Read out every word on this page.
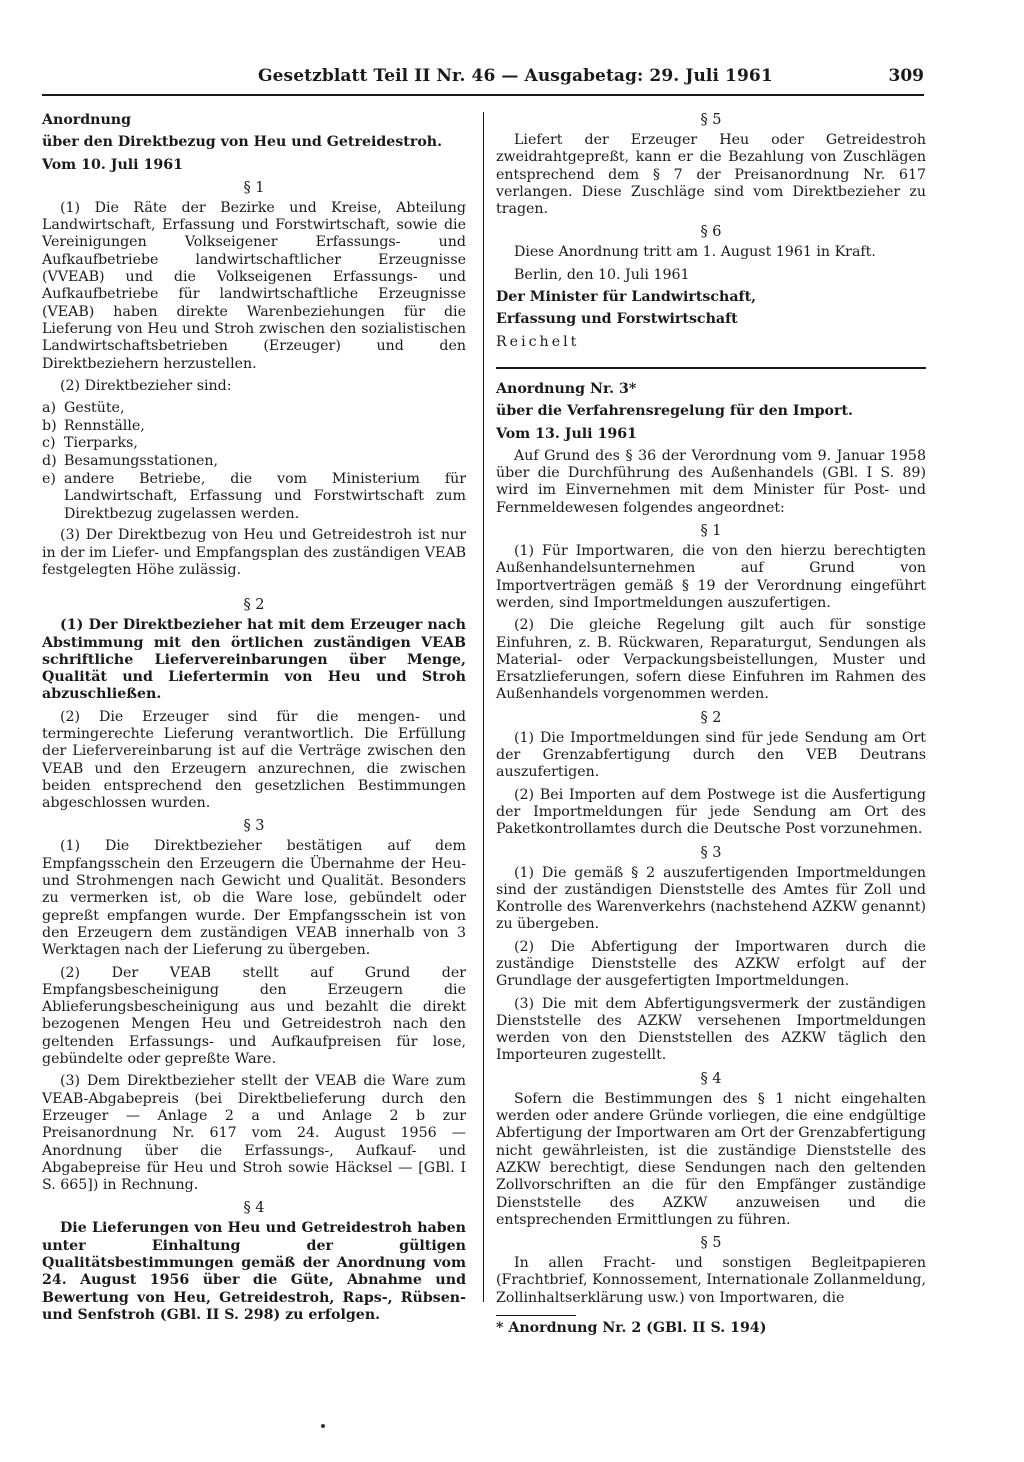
Gesetzblatt Teil II Nr. 46 — Ausgabetag: 29. Juli 1961	309

Anordnung

über den Direktbezug von Heu und Getreidestroh.

Vom 10. Juli 1961

§ 1

(1) Die Räte der Bezirke und Kreise, Abteilung Landwirtschaft, Erfassung und Forstwirtschaft, sowie die Vereinigungen Volkseigener Erfassungs- und Aufkaufbetriebe landwirtschaftlicher Erzeugnisse (VVEAB) und die Volkseigenen Erfassungs- und Aufkaufbetriebe für landwirtschaftliche Erzeugnisse (VEAB) haben direkte Warenbeziehungen für die Lieferung von Heu und Stroh zwischen den sozialistischen Landwirtschaftsbetrieben (Erzeuger) und den Direktbeziehern herzustellen.

(2) Direktbezieher sind:

a) Gestüte,
b) Rennställe,
c) Tierparks,
d) Besamungsstationen,
e) andere Betriebe, die vom Ministerium für Landwirtschaft, Erfassung und Forstwirtschaft zum Direktbezug zugelassen werden.

(3) Der Direktbezug von Heu und Getreidestroh ist nur in der im Liefer- und Empfangsplan des zuständigen VEAB festgelegten Höhe zulässig.

§ 2

(1) Der Direktbezieher hat mit dem Erzeuger nach Abstimmung mit den örtlichen zuständigen VEAB schriftliche Liefervereinbarungen über Menge, Qualität und Liefertermin von Heu und Stroh abzuschließen.

(2) Die Erzeuger sind für die mengen- und termingerechte Lieferung verantwortlich. Die Erfüllung der Liefervereinbarung ist auf die Verträge zwischen den VEAB und den Erzeugern anzurechnen, die zwischen beiden entsprechend den gesetzlichen Bestimmungen abgeschlossen wurden.

§ 3

(1) Die Direktbezieher bestätigen auf dem Empfangsschein den Erzeugern die Übernahme der Heu- und Strohmengen nach Gewicht und Qualität. Besonders zu vermerken ist, ob die Ware lose, gebündelt oder gepreßt empfangen wurde. Der Empfangsschein ist von den Erzeugern dem zuständigen VEAB innerhalb von 3 Werktagen nach der Lieferung zu übergeben.

(2) Der VEAB stellt auf Grund der Empfangsbescheinigung den Erzeugern die Ablieferungsbescheinigung aus und bezahlt die direkt bezogenen Mengen Heu und Getreidestroh nach den geltenden Erfassungs- und Aufkaufpreisen für lose, gebündelte oder gepreßte Ware.

(3) Dem Direktbezieher stellt der VEAB die Ware zum VEAB-Abgabepreis (bei Direktbelieferung durch den Erzeuger — Anlage 2 a und Anlage 2 b zur Preisanordnung Nr. 617 vom 24. August 1956 — Anordnung über die Erfassungs-, Aufkauf- und Abgabepreise für Heu und Stroh sowie Häcksel — [GBl. I S. 665]) in Rechnung.

§ 4

Die Lieferungen von Heu und Getreidestroh haben unter Einhaltung der gültigen Qualitätsbestimmungen gemäß der Anordnung vom 24. August 1956 über die Güte, Abnahme und Bewertung von Heu, Getreidestroh, Raps-, Rübsen- und Senfstroh (GBl. II S. 298) zu erfolgen.

§ 5

Liefert der Erzeuger Heu oder Getreidestroh zweidrahtgepreßt, kann er die Bezahlung von Zuschlägen entsprechend dem § 7 der Preisanordnung Nr. 617 verlangen. Diese Zuschläge sind vom Direktbezieher zu tragen.

§ 6

Diese Anordnung tritt am 1. August 1961 in Kraft.

Berlin, den 10. Juli 1961

Der Minister für Landwirtschaft,

Erfassung und Forstwirtschaft

Reichelt

Anordnung Nr. 3*

über die Verfahrensregelung für den Import.

Vom 13. Juli 1961

Auf Grund des § 36 der Verordnung vom 9. Januar 1958 über die Durchführung des Außenhandels (GBl. I S. 89) wird im Einvernehmen mit dem Minister für Post- und Fernmeldewesen folgendes angeordnet:

§ 1

(1) Für Importwaren, die von den hierzu berechtigten Außenhandelsunternehmen auf Grund von Importverträgen gemäß § 19 der Verordnung eingeführt werden, sind Importmeldungen auszufertigen.

(2) Die gleiche Regelung gilt auch für sonstige Einfuhren, z. B. Rückwaren, Reparaturgut, Sendungen als Material- oder Verpackungsbeistellungen, Muster und Ersatzlieferungen, sofern diese Einfuhren im Rahmen des Außenhandels vorgenommen werden.

§ 2

(1) Die Importmeldungen sind für jede Sendung am Ort der Grenzabfertigung durch den VEB Deutrans auszufertigen.

(2) Bei Importen auf dem Postwege ist die Ausfertigung der Importmeldungen für jede Sendung am Ort des Paketkontrollamtes durch die Deutsche Post vorzunehmen.

§ 3

(1) Die gemäß § 2 auszufertigenden Importmeldungen sind der zuständigen Dienststelle des Amtes für Zoll und Kontrolle des Warenverkehrs (nachstehend AZKW genannt) zu übergeben.

(2) Die Abfertigung der Importwaren durch die zuständige Dienststelle des AZKW erfolgt auf der Grundlage der ausgefertigten Importmeldungen.

(3) Die mit dem Abfertigungsvermerk der zuständigen Dienststelle des AZKW versehenen Importmeldungen werden von den Dienststellen des AZKW täglich den Importeuren zugestellt.

§ 4

Sofern die Bestimmungen des § 1 nicht eingehalten werden oder andere Gründe vorliegen, die eine endgültige Abfertigung der Importwaren am Ort der Grenzabfertigung nicht gewährleisten, ist die zuständige Dienststelle des AZKW berechtigt, diese Sendungen nach den geltenden Zollvorschriften an die für den Empfänger zuständige Dienststelle des AZKW anzuweisen und die entsprechenden Ermittlungen zu führen.

§ 5

In allen Fracht- und sonstigen Begleitpapieren (Frachtbrief, Konnossement, Internationale Zollanmeldung, Zollinhaltserklärung usw.) von Importwaren, die

* Anordnung Nr. 2 (GBl. II S. 194)
